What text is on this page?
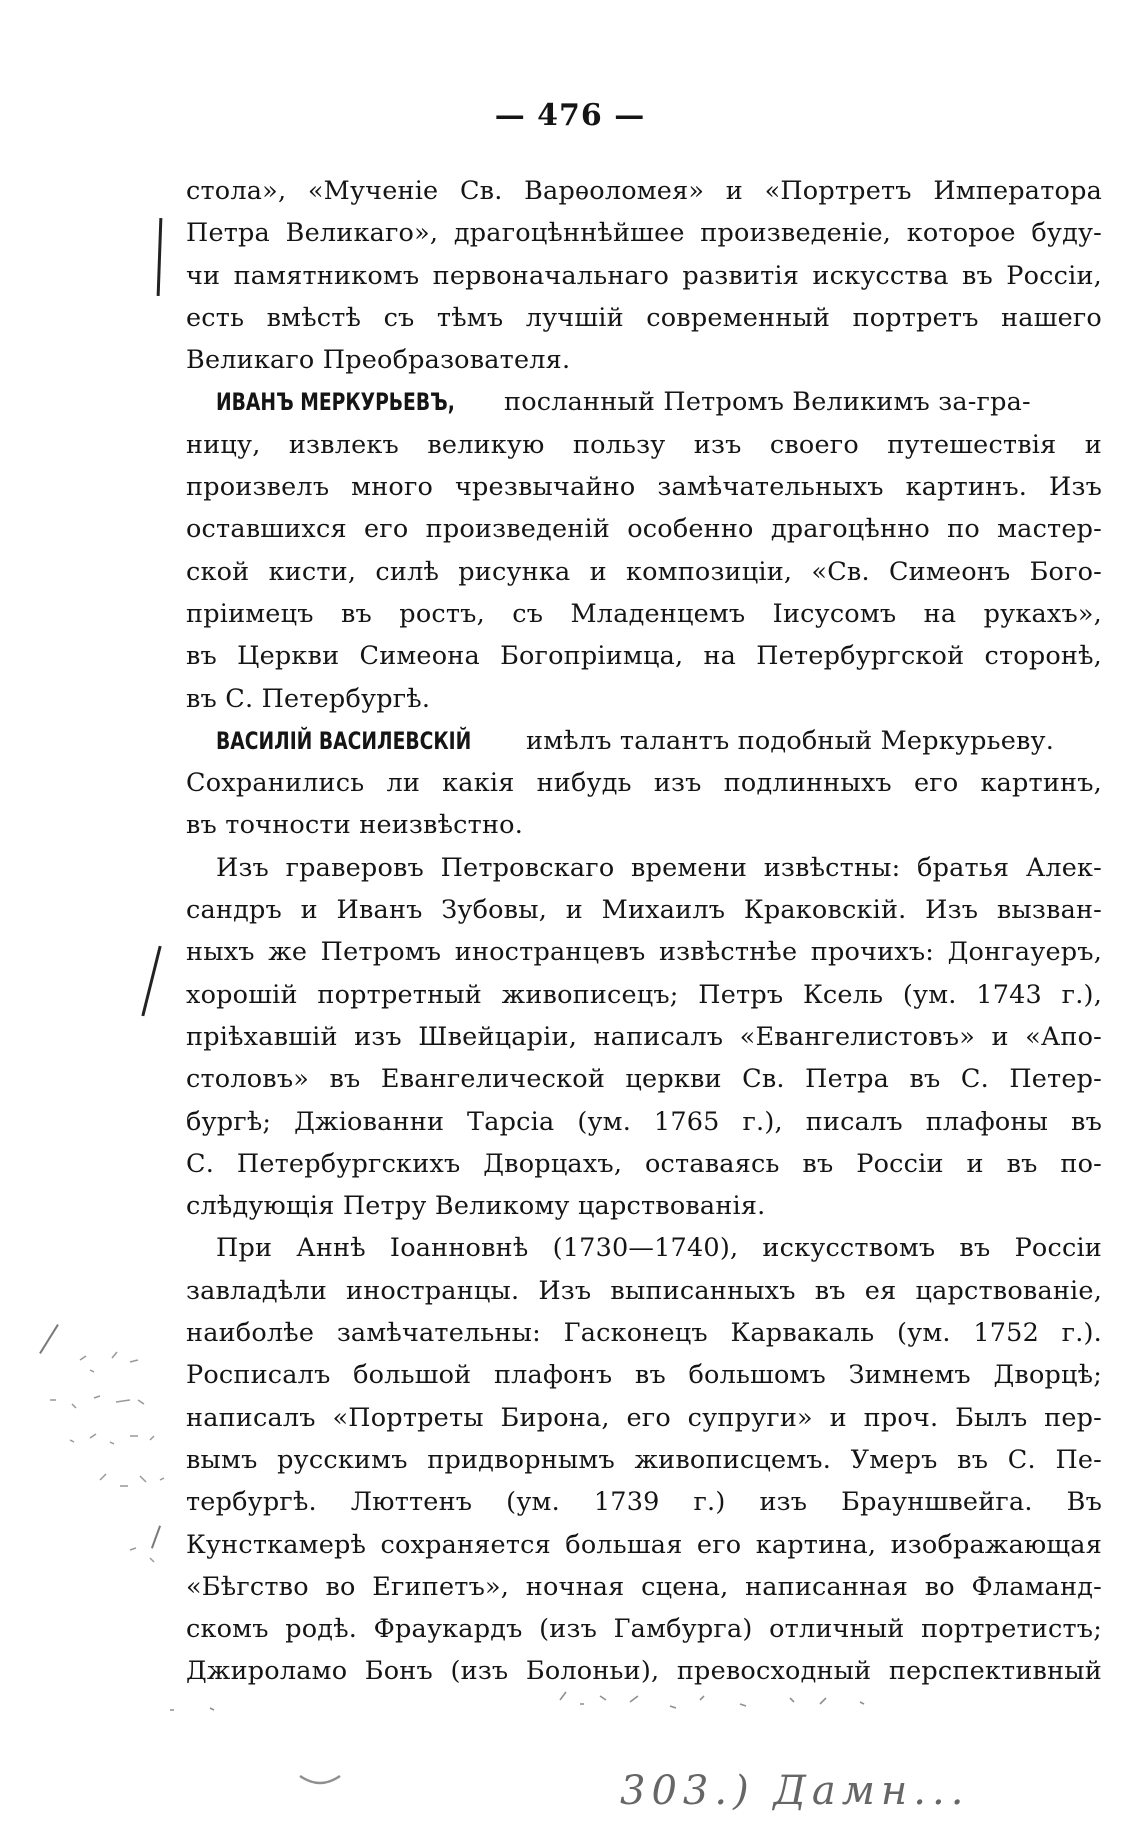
— 476 —
стола», «Мученіе Св. Варѳоломея» и «Портретъ Императора
Петра Великаго», драгоцѣннѣйшее произведеніе, которое буду-
чи памятникомъ первоначальнаго развитія искусства въ Россіи,
есть вмѣстѣ съ тѣмъ лучшій современный портретъ нашего
Великаго Преобразователя.
ИВАНЪ МЕРКУРЬЕВЪ, посланный Петромъ Великимъ за-гра-
ницу, извлекъ великую пользу изъ своего путешествія и
произвелъ много чрезвычайно замѣчательныхъ картинъ. Изъ
оставшихся его произведеній особенно драгоцѣнно по мастер-
ской кисти, силѣ рисунка и композиціи, «Св. Симеонъ Бого-
пріимецъ въ ростъ, съ Младенцемъ Іисусомъ на рукахъ»,
въ Церкви Симеона Богопріимца, на Петербургской сторонѣ,
въ С. Петербургѣ.
ВАСИЛІЙ ВАСИЛЕВСКІЙ имѣлъ талантъ подобный Меркурьеву.
Сохранились ли какія нибудь изъ подлинныхъ его картинъ,
въ точности неизвѣстно.
Изъ граверовъ Петровскаго времени извѣстны: братья Алек-
сандръ и Иванъ Зубовы, и Михаилъ Краковскій. Изъ вызван-
ныхъ же Петромъ иностранцевъ извѣстнѣе прочихъ: Донгауеръ,
хорошій портретный живописецъ; Петръ Ксель (ум. 1743 г.),
пріѣхавшій изъ Швейцаріи, написалъ «Евангелистовъ» и «Апо-
столовъ» въ Евангелической церкви Св. Петра въ С. Петер-
бургѣ; Джіованни Тарсіа (ум. 1765 г.), писалъ плафоны въ
С. Петербургскихъ Дворцахъ, оставаясь въ Россіи и въ по-
слѣдующія Петру Великому царствованія.
При Аннѣ Іоанновнѣ (1730—1740), искусствомъ въ Россіи
завладѣли иностранцы. Изъ выписанныхъ въ ея царствованіе,
наиболѣе замѣчательны: Гасконецъ Карвакаль (ум. 1752 г.).
Росписалъ большой плафонъ въ большомъ Зимнемъ Дворцѣ;
написалъ «Портреты Бирона, его супруги» и проч. Былъ пер-
вымъ русскимъ придворнымъ живописцемъ. Умеръ въ С. Пе-
тербургѣ. Люттенъ (ум. 1739 г.) изъ Брауншвейга. Въ
Кунсткамерѣ сохраняется большая его картина, изображающая
«Бѣгство во Египетъ», ночная сцена, написанная во Фламанд-
скомъ родѣ. Фраукардъ (изъ Гамбурга) отличный портретистъ;
Джироламо Бонъ (изъ Болоньи), превосходный перспективный
303.) Дамн...
